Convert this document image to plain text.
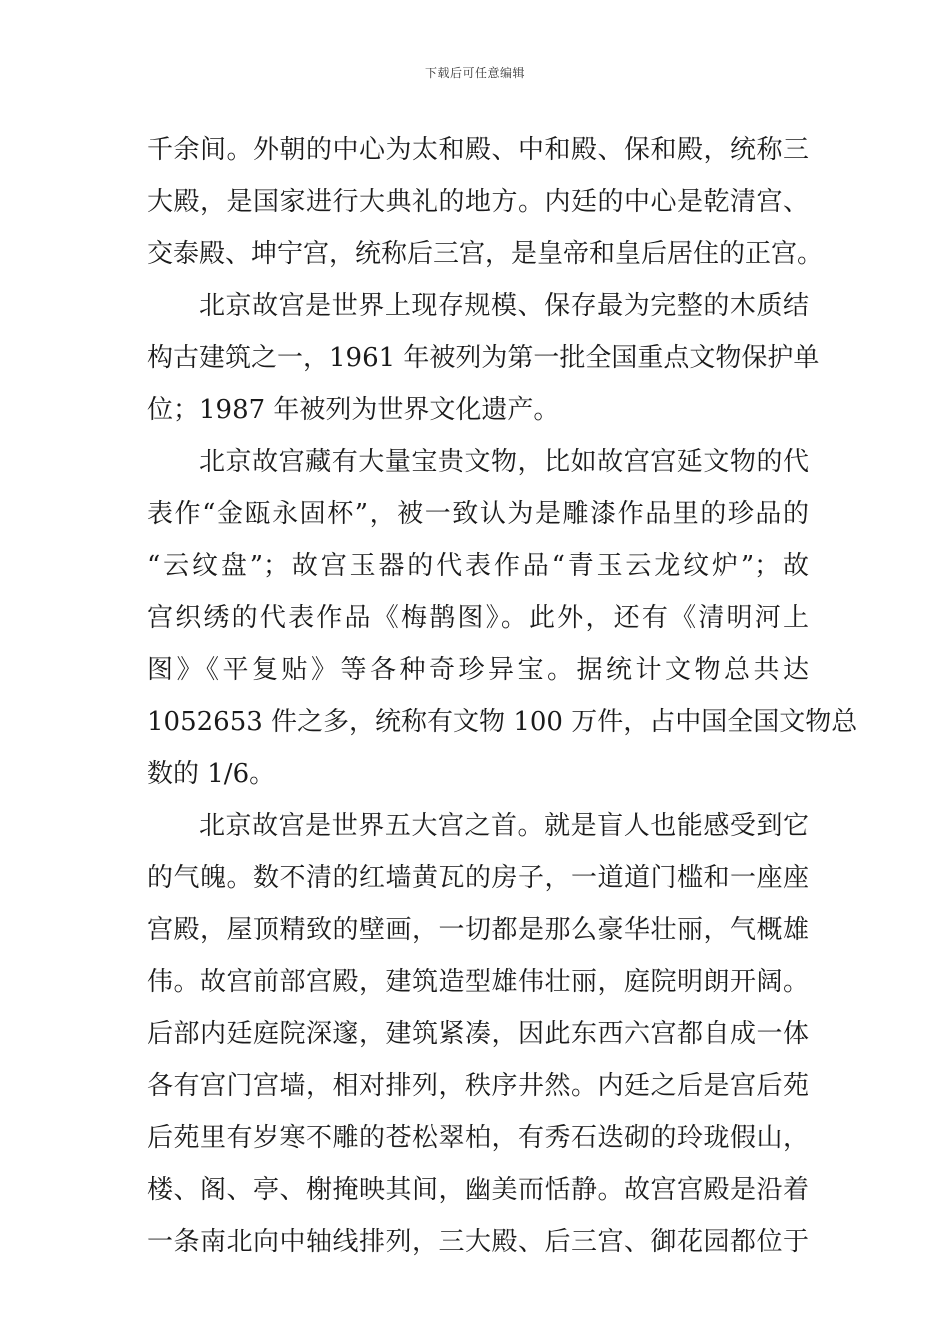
下载后可任意编辑
千余间。外朝的中心为太和殿、中和殿、保和殿，统称三
大殿，是国家进行大典礼的地方。内廷的中心是乾清宫、
交泰殿、坤宁宫，统称后三宫，是皇帝和皇后居住的正宫。
北京故宫是世界上现存规模、保存最为完整的木质结
构古建筑之一，1961 年被列为第一批全国重点文物保护单
位；1987 年被列为世界文化遗产。
北京故宫藏有大量宝贵文物，比如故宫宫延文物的代
表作“金瓯永固杯”，被一致认为是雕漆作品里的珍品的
“云纹盘”；故宫玉器的代表作品“青玉云龙纹炉”；故
宫织绣的代表作品《梅鹊图》。此外，还有《清明河上
图》《平复贴》等各种奇珍异宝。据统计文物总共达
1052653 件之多，统称有文物 100 万件，占中国全国文物总
数的 1/6。
北京故宫是世界五大宫之首。就是盲人也能感受到它
的气魄。数不清的红墙黄瓦的房子，一道道门槛和一座座
宫殿，屋顶精致的壁画，一切都是那么豪华壮丽，气概雄
伟。故宫前部宫殿，建筑造型雄伟壮丽，庭院明朗开阔。
后部内廷庭院深邃，建筑紧凑，因此东西六宫都自成一体
各有宫门宫墙，相对排列，秩序井然。内廷之后是宫后苑
后苑里有岁寒不雕的苍松翠柏，有秀石迭砌的玲珑假山，
楼、阁、亭、榭掩映其间，幽美而恬静。故宫宫殿是沿着
一条南北向中轴线排列，三大殿、后三宫、御花园都位于
